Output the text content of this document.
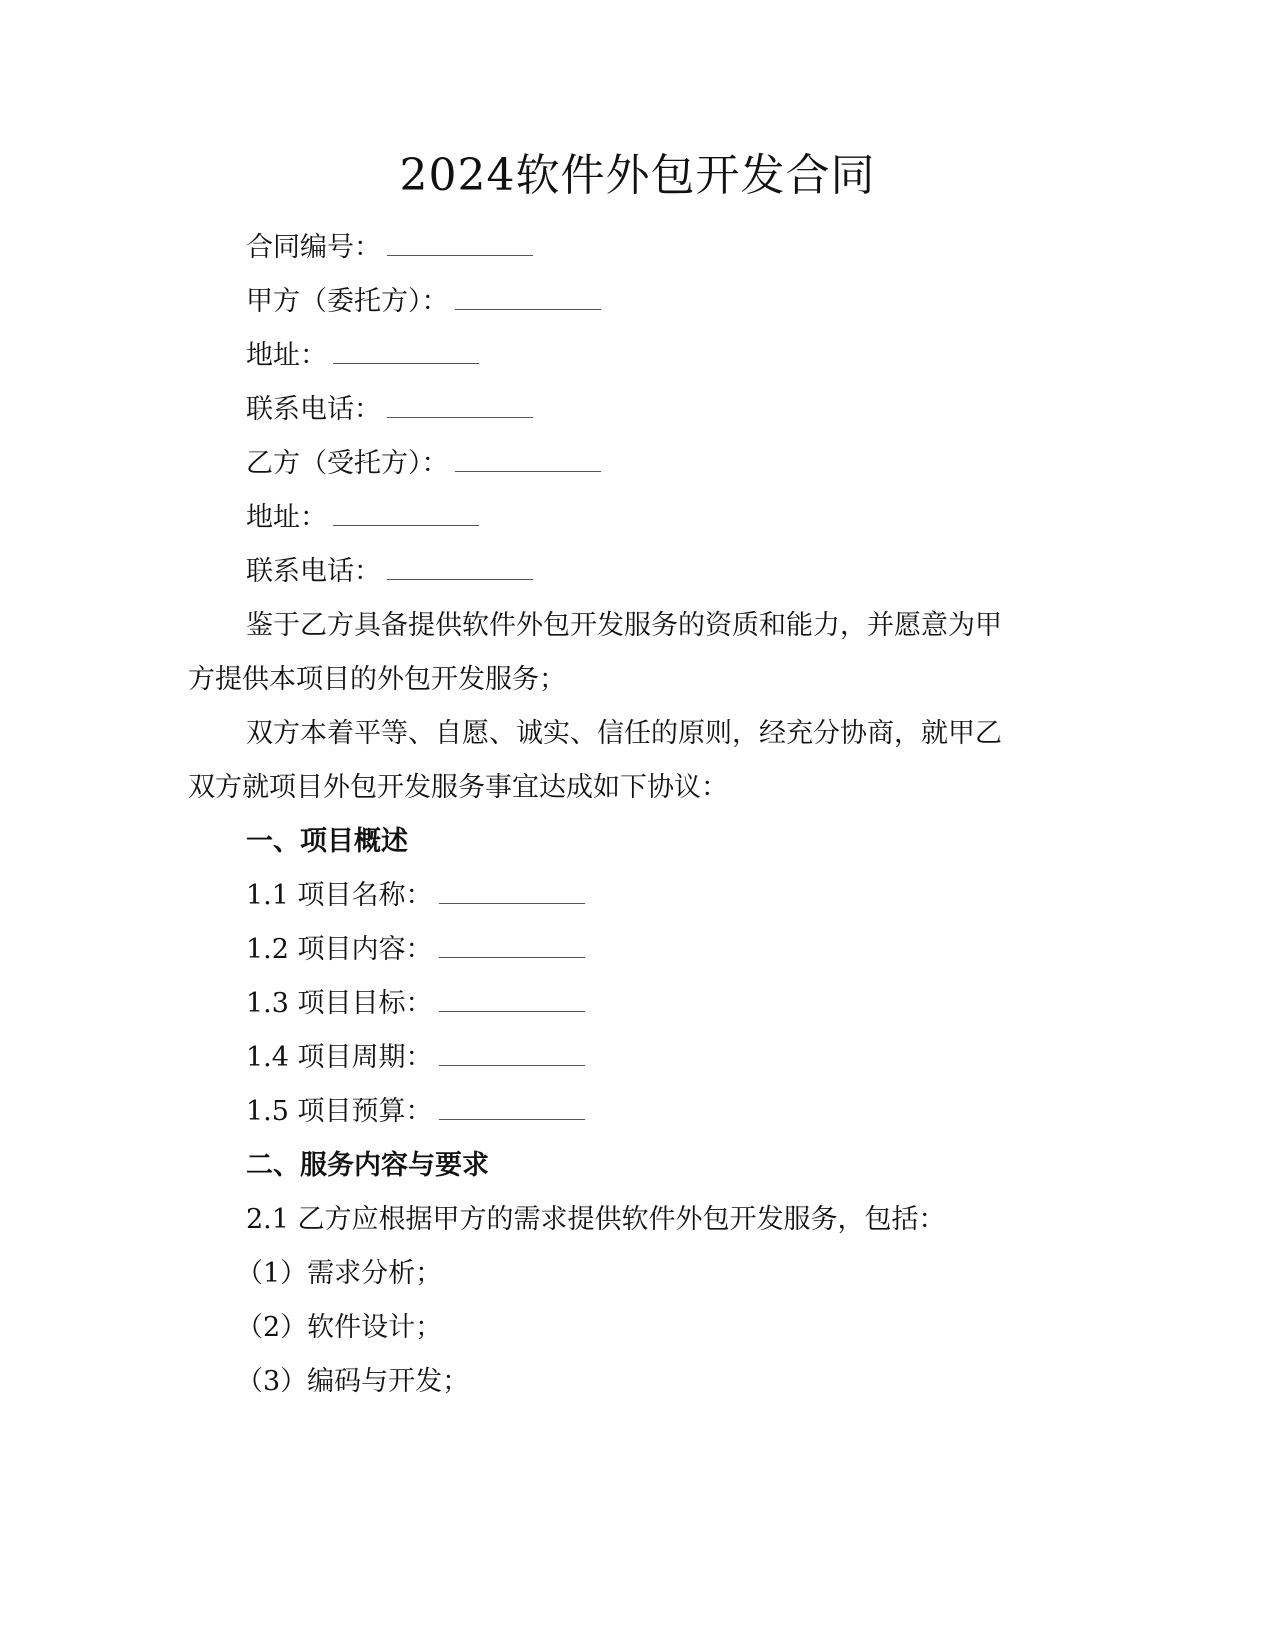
2024软件外包开发合同
合同编号：
甲方（委托方）：
地址：
联系电话：
乙方（受托方）：
地址：
联系电话：
鉴于乙方具备提供软件外包开发服务的资质和能力，并愿意为甲
方提供本项目的外包开发服务；
双方本着平等、自愿、诚实、信任的原则，经充分协商，就甲乙
双方就项目外包开发服务事宜达成如下协议：
一、项目概述
1.1 项目名称：
1.2 项目内容：
1.3 项目目标：
1.4 项目周期：
1.5 项目预算：
二、服务内容与要求
2.1 乙方应根据甲方的需求提供软件外包开发服务，包括：
（1）需求分析；
（2）软件设计；
（3）编码与开发；
